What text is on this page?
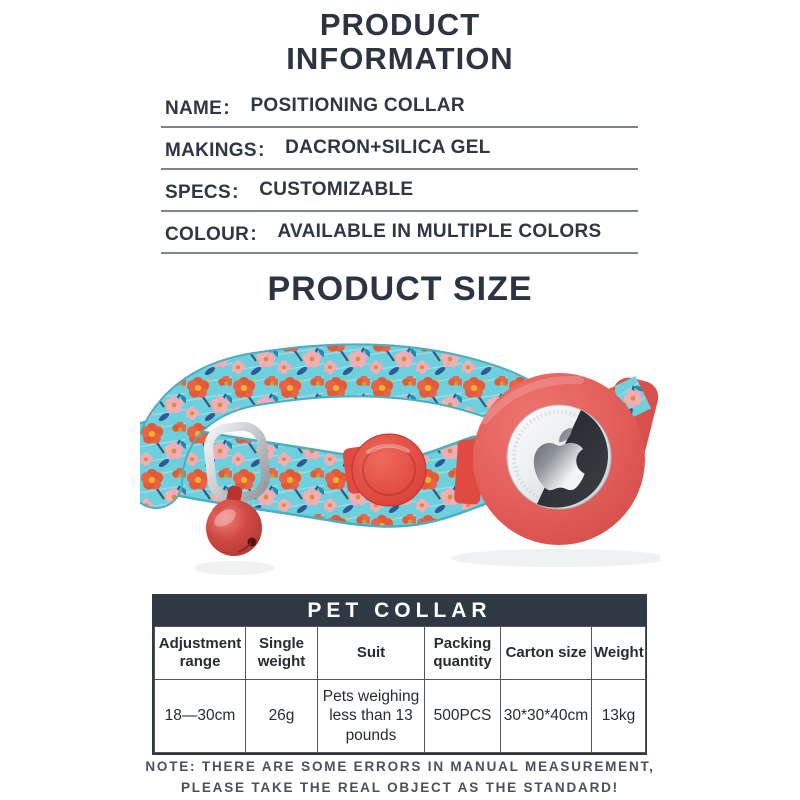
PRODUCT
INFORMATION
NAME： POSITIONING COLLAR
MAKINGS： DACRON+SILICA GEL
SPECS： CUSTOMIZABLE
COLOUR： AVAILABLE IN MULTIPLE COLORS
PRODUCT SIZE
PET COLLAR
Adjustment range	Single weight	Suit	Packing quantity	Carton size	Weight
18—30cm	26g	Pets weighing less than 13 pounds	500PCS	30*30*40cm	13kg
NOTE: THERE ARE SOME ERRORS IN MANUAL MEASUREMENT,
PLEASE TAKE THE REAL OBJECT AS THE STANDARD!
